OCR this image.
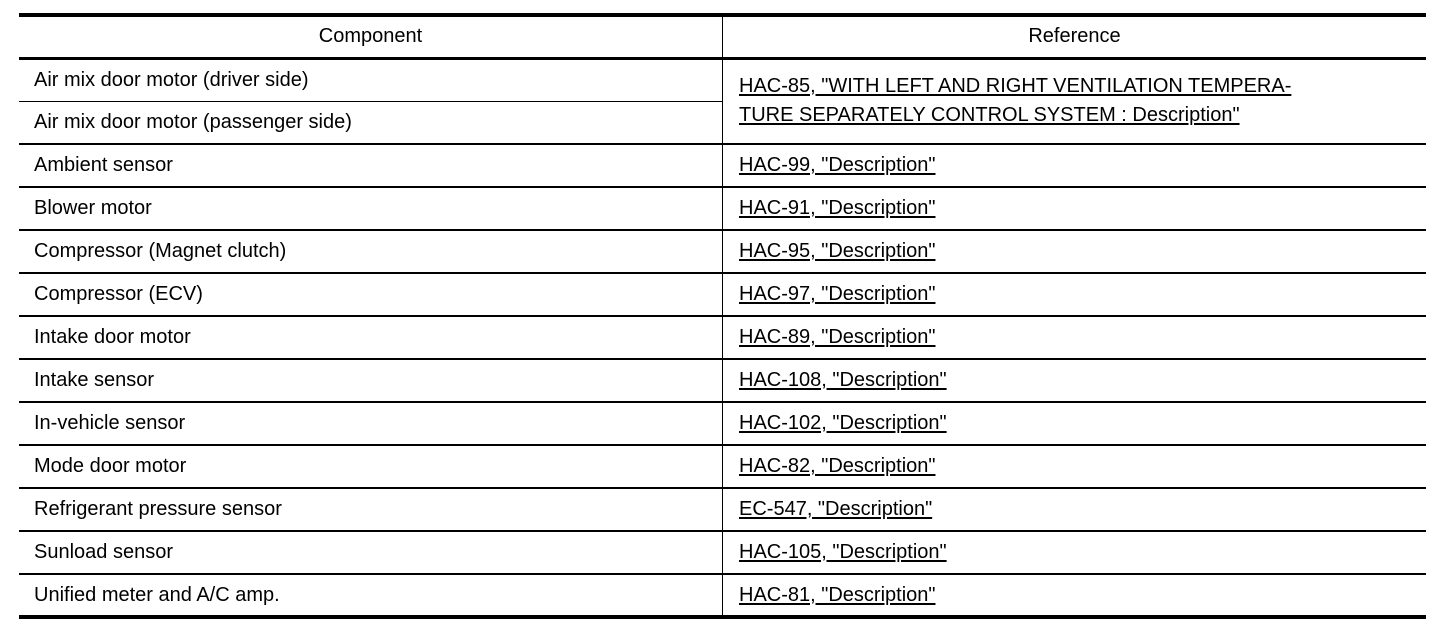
Component	Reference
Air mix door motor (driver side)	HAC-85, "WITH LEFT AND RIGHT VENTILATION TEMPERA-
TURE SEPARATELY CONTROL SYSTEM : Description"
Air mix door motor (passenger side)	
Ambient sensor	HAC-99, "Description"
Blower motor	HAC-91, "Description"
Compressor (Magnet clutch)	HAC-95, "Description"
Compressor (ECV)	HAC-97, "Description"
Intake door motor	HAC-89, "Description"
Intake sensor	HAC-108, "Description"
In-vehicle sensor	HAC-102, "Description"
Mode door motor	HAC-82, "Description"
Refrigerant pressure sensor	EC-547, "Description"
Sunload sensor	HAC-105, "Description"
Unified meter and A/C amp.	HAC-81, "Description"
